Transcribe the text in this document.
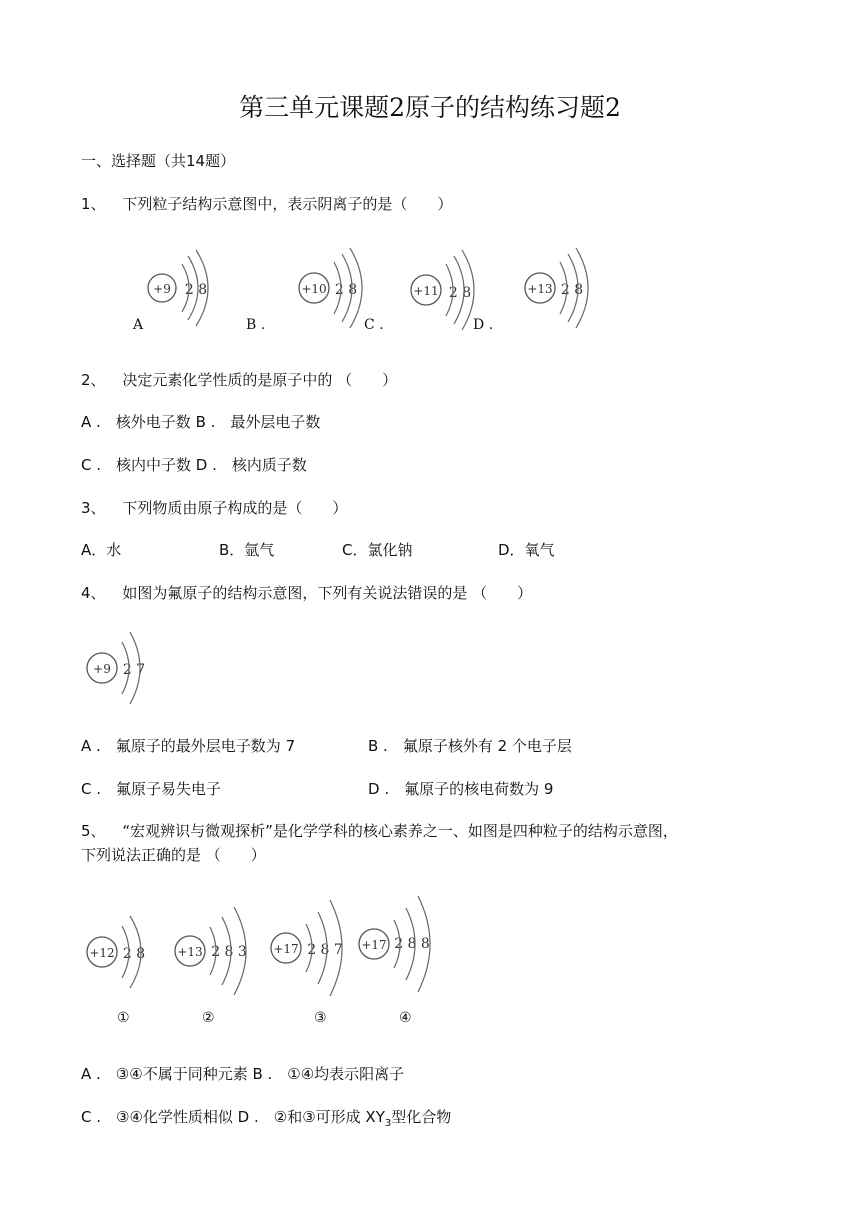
第三单元课题2原子的结构练习题2
一、选择题（共14题）
1、 下列粒子结构示意图中，表示阴离子的是（　　）
+9 2 8
A
+10 2 8
B .
+11 2 8
C .
+13 2 8
D .
2、 决定元素化学性质的是原子中的 （　　）
A .　核外电子数 B .　最外层电子数
C .　核内中子数 D .　核内质子数
3、 下列物质由原子构成的是（　　）
A．水	B．氩气	C．氯化钠	D．氧气
4、 如图为氟原子的结构示意图，下列有关说法错误的是 （　　）
+9 2 7
A .　氟原子的最外层电子数为 7	B .　氟原子核外有 2 个电子层
C .　氟原子易失电子	D .　氟原子的核电荷数为 9
5、 “宏观辨识与微观探析”是化学学科的核心素养之一、如图是四种粒子的结构示意图，
下列说法正确的是 （　　）
+12 2 8
①
+13 2 8 3
②
+17 2 8 7
③
+17 2 8 8
④
A .　③④不属于同种元素 B .　①④均表示阳离子
C .　③④化学性质相似 D .　②和③可形成 $XY_3$型化合物
